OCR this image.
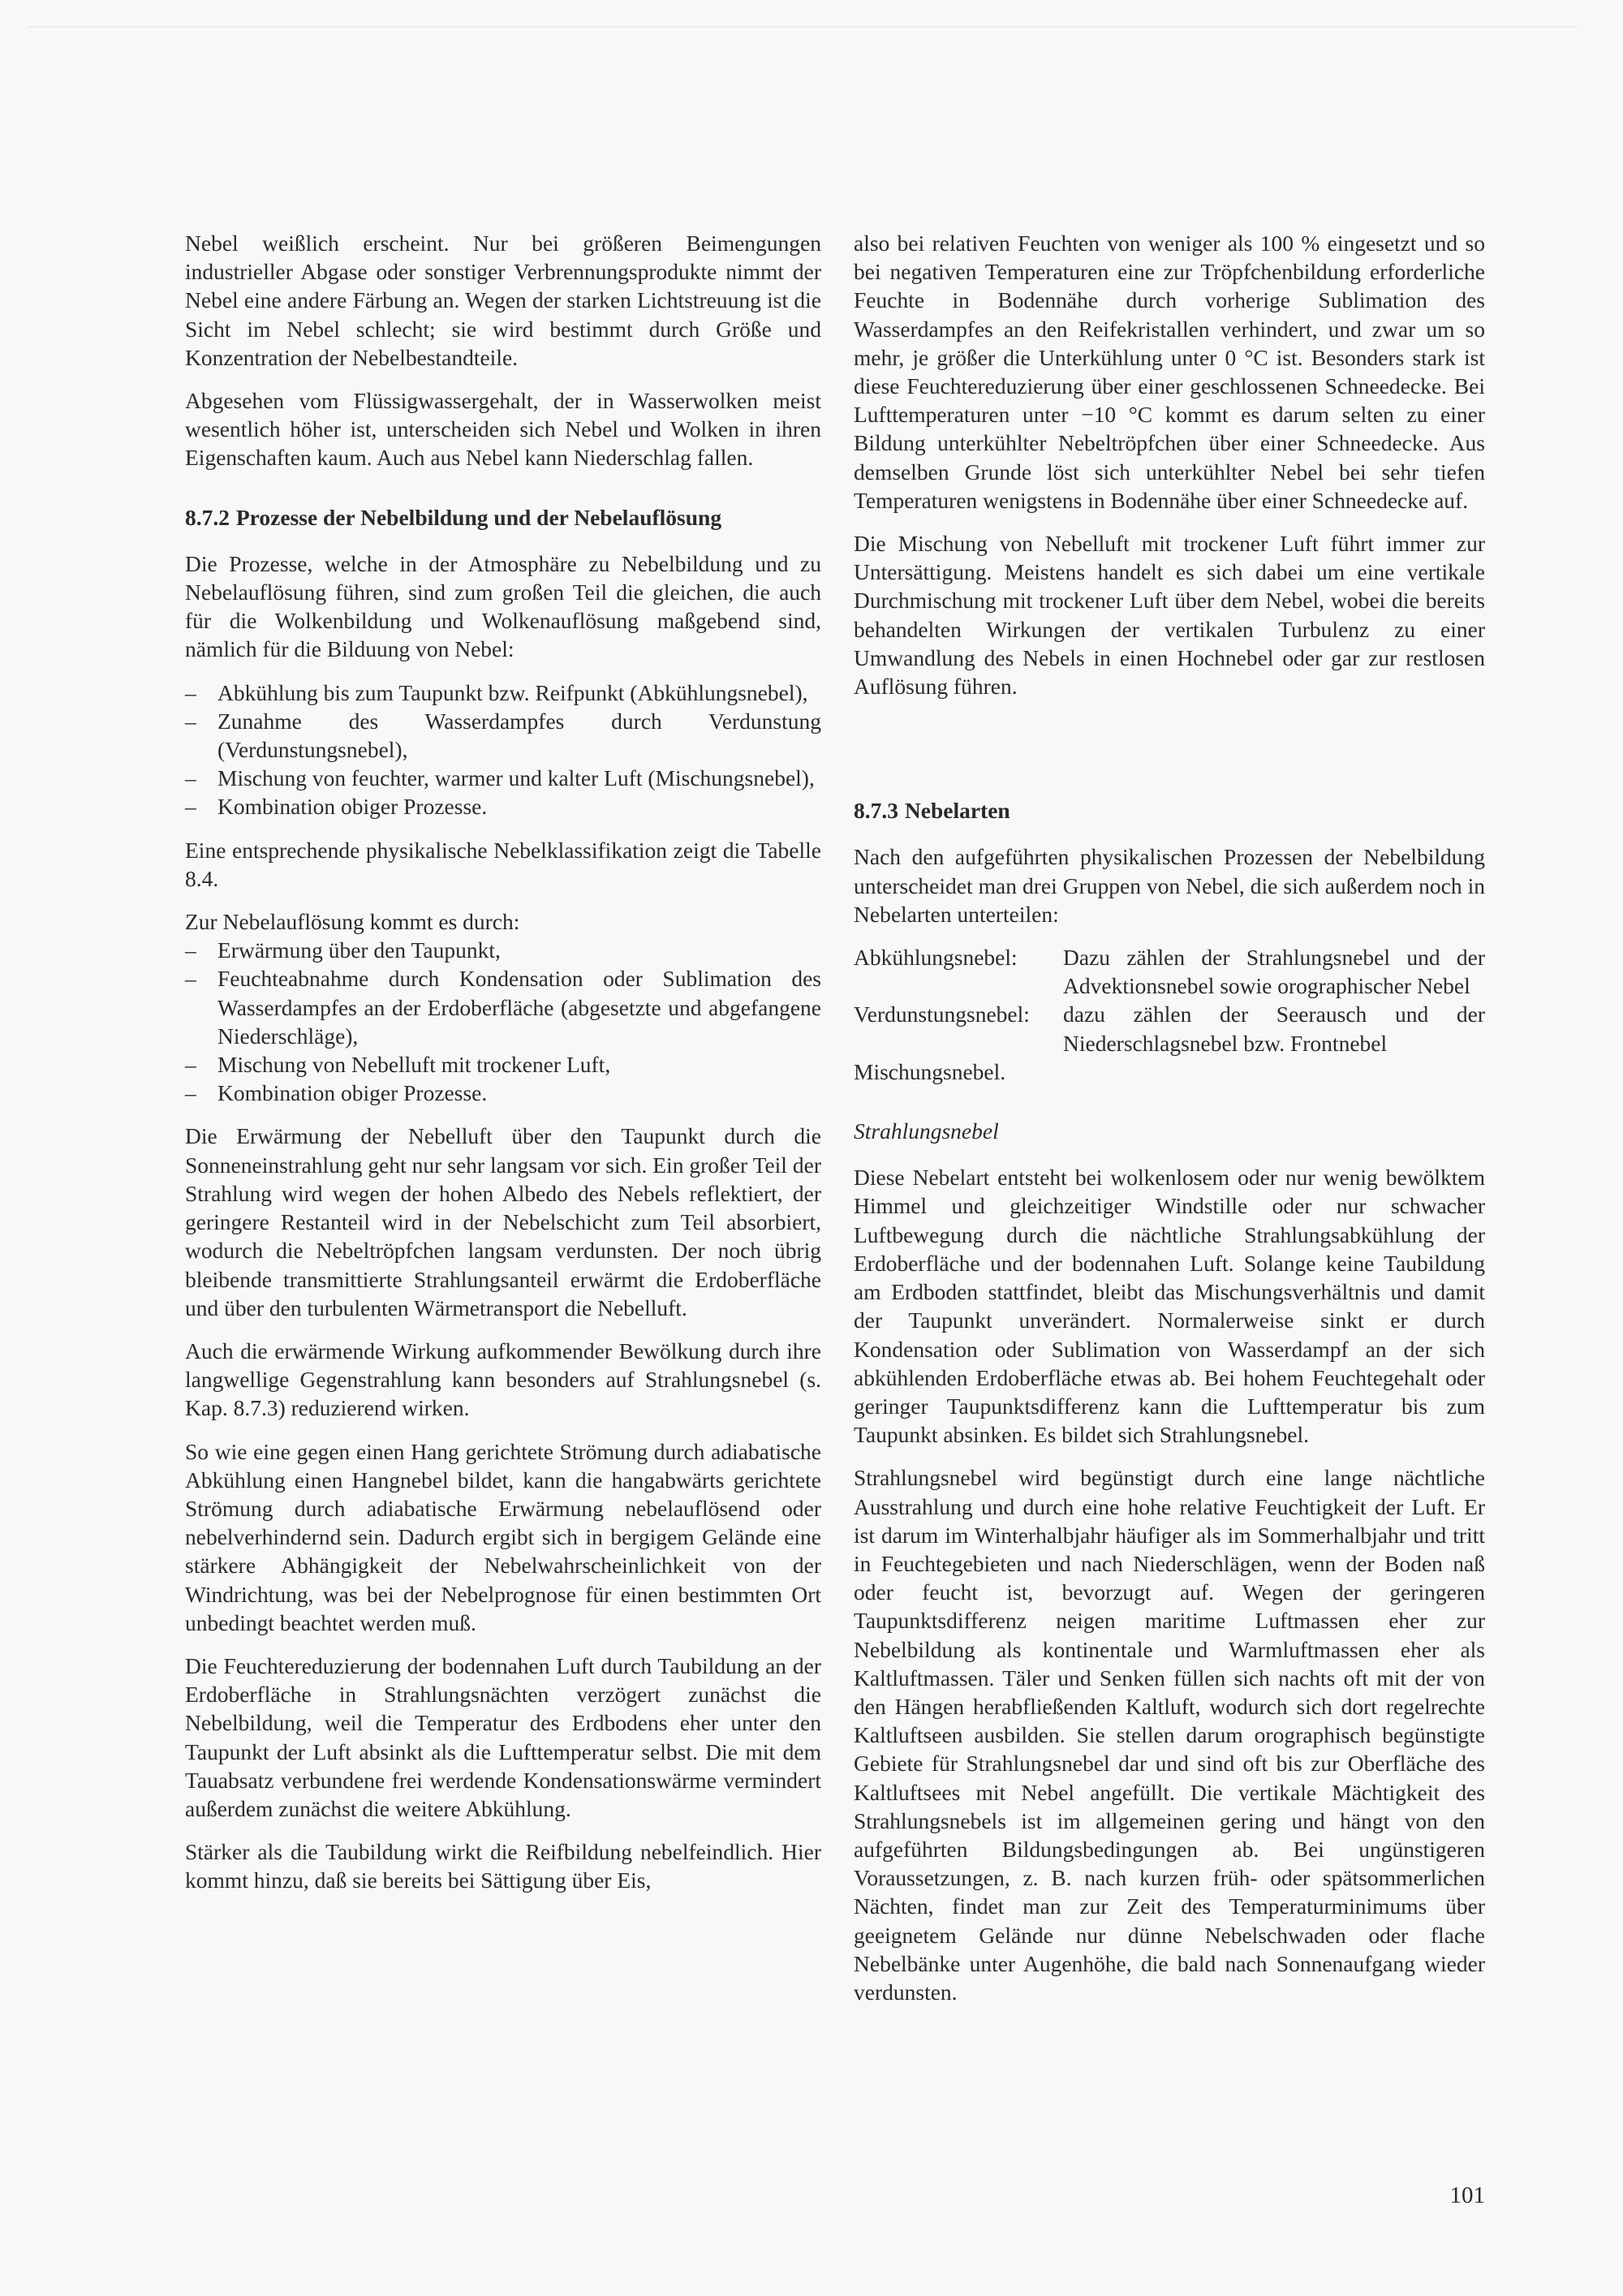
Nebel weißlich erscheint. Nur bei größeren Beimengungen industrieller Abgase oder sonstiger Verbrennungsprodukte nimmt der Nebel eine andere Färbung an. Wegen der starken Lichtstreuung ist die Sicht im Nebel schlecht; sie wird bestimmt durch Größe und Konzentration der Nebelbestandteile.

Abgesehen vom Flüssigwassergehalt, der in Wasserwolken meist wesentlich höher ist, unterscheiden sich Nebel und Wolken in ihren Eigenschaften kaum. Auch aus Nebel kann Niederschlag fallen.

8.7.2 Prozesse der Nebelbildung und der Nebelauflösung

Die Prozesse, welche in der Atmosphäre zu Nebelbildung und zu Nebelauflösung führen, sind zum großen Teil die gleichen, die auch für die Wolkenbildung und Wolkenauflösung maßgebend sind, nämlich für die Bilduung von Nebel:

– Abkühlung bis zum Taupunkt bzw. Reifpunkt (Abkühlungsnebel),
– Zunahme des Wasserdampfes durch Verdunstung (Verdunstungsnebel),
– Mischung von feuchter, warmer und kalter Luft (Mischungsnebel),
– Kombination obiger Prozesse.

Eine entsprechende physikalische Nebelklassifikation zeigt die Tabelle 8.4.

Zur Nebelauflösung kommt es durch:

– Erwärmung über den Taupunkt,
– Feuchteabnahme durch Kondensation oder Sublimation des Wasserdampfes an der Erdoberfläche (abgesetzte und abgefangene Niederschläge),
– Mischung von Nebelluft mit trockener Luft,
– Kombination obiger Prozesse.

Die Erwärmung der Nebelluft über den Taupunkt durch die Sonneneinstrahlung geht nur sehr langsam vor sich. Ein großer Teil der Strahlung wird wegen der hohen Albedo des Nebels reflektiert, der geringere Restanteil wird in der Nebelschicht zum Teil absorbiert, wodurch die Nebeltröpfchen langsam verdunsten. Der noch übrig bleibende transmittierte Strahlungsanteil erwärmt die Erdoberfläche und über den turbulenten Wärmetransport die Nebelluft.

Auch die erwärmende Wirkung aufkommender Bewölkung durch ihre langwellige Gegenstrahlung kann besonders auf Strahlungsnebel (s. Kap. 8.7.3) reduzierend wirken.

So wie eine gegen einen Hang gerichtete Strömung durch adiabatische Abkühlung einen Hangnebel bildet, kann die hangabwärts gerichtete Strömung durch adiabatische Erwärmung nebelauflösend oder nebelverhindernd sein. Dadurch ergibt sich in bergigem Gelände eine stärkere Abhängigkeit der Nebelwahrscheinlichkeit von der Windrichtung, was bei der Nebelprognose für einen bestimmten Ort unbedingt beachtet werden muß.

Die Feuchtereduzierung der bodennahen Luft durch Taubildung an der Erdoberfläche in Strahlungsnächten verzögert zunächst die Nebelbildung, weil die Temperatur des Erdbodens eher unter den Taupunkt der Luft absinkt als die Lufttemperatur selbst. Die mit dem Tauabsatz verbundene frei werdende Kondensationswärme vermindert außerdem zunächst die weitere Abkühlung.

Stärker als die Taubildung wirkt die Reifbildung nebelfeindlich. Hier kommt hinzu, daß sie bereits bei Sättigung über Eis,

also bei relativen Feuchten von weniger als 100 % eingesetzt und so bei negativen Temperaturen eine zur Tröpfchenbildung erforderliche Feuchte in Bodennähe durch vorherige Sublimation des Wasserdampfes an den Reifekristallen verhindert, und zwar um so mehr, je größer die Unterkühlung unter 0 °C ist. Besonders stark ist diese Feuchtereduzierung über einer geschlossenen Schneedecke. Bei Lufttemperaturen unter −10 °C kommt es darum selten zu einer Bildung unterkühlter Nebeltröpfchen über einer Schneedecke. Aus demselben Grunde löst sich unterkühlter Nebel bei sehr tiefen Temperaturen wenigstens in Bodennähe über einer Schneedecke auf.

Die Mischung von Nebelluft mit trockener Luft führt immer zur Untersättigung. Meistens handelt es sich dabei um eine vertikale Durchmischung mit trockener Luft über dem Nebel, wobei die bereits behandelten Wirkungen der vertikalen Turbulenz zu einer Umwandlung des Nebels in einen Hochnebel oder gar zur restlosen Auflösung führen.

8.7.3 Nebelarten

Nach den aufgeführten physikalischen Prozessen der Nebelbildung unterscheidet man drei Gruppen von Nebel, die sich außerdem noch in Nebelarten unterteilen:

Abkühlungsnebel:	Dazu zählen der Strahlungsnebel und der Advektionsnebel sowie orographischer Nebel
Verdunstungsnebel:	dazu zählen der Seerausch und der Niederschlagsnebel bzw. Frontnebel
Mischungsnebel.
Strahlungsnebel

Diese Nebelart entsteht bei wolkenlosem oder nur wenig bewölktem Himmel und gleichzeitiger Windstille oder nur schwacher Luftbewegung durch die nächtliche Strahlungsabkühlung der Erdoberfläche und der bodennahen Luft. Solange keine Taubildung am Erdboden stattfindet, bleibt das Mischungsverhältnis und damit der Taupunkt unverändert. Normalerweise sinkt er durch Kondensation oder Sublimation von Wasserdampf an der sich abkühlenden Erdoberfläche etwas ab. Bei hohem Feuchtegehalt oder geringer Taupunktsdifferenz kann die Lufttemperatur bis zum Taupunkt absinken. Es bildet sich Strahlungsnebel.

Strahlungsnebel wird begünstigt durch eine lange nächtliche Ausstrahlung und durch eine hohe relative Feuchtigkeit der Luft. Er ist darum im Winterhalbjahr häufiger als im Sommerhalbjahr und tritt in Feuchtegebieten und nach Niederschlägen, wenn der Boden naß oder feucht ist, bevorzugt auf. Wegen der geringeren Taupunktsdifferenz neigen maritime Luftmassen eher zur Nebelbildung als kontinentale und Warmluftmassen eher als Kaltluftmassen. Täler und Senken füllen sich nachts oft mit der von den Hängen herabfließenden Kaltluft, wodurch sich dort regelrechte Kaltluftseen ausbilden. Sie stellen darum orographisch begünstigte Gebiete für Strahlungsnebel dar und sind oft bis zur Oberfläche des Kaltluftsees mit Nebel angefüllt. Die vertikale Mächtigkeit des Strahlungsnebels ist im allgemeinen gering und hängt von den aufgeführten Bildungsbedingungen ab. Bei ungünstigeren Voraussetzungen, z. B. nach kurzen früh- oder spätsommerlichen Nächten, findet man zur Zeit des Temperaturminimums über geeignetem Gelände nur dünne Nebelschwaden oder flache Nebelbänke unter Augenhöhe, die bald nach Sonnenaufgang wieder verdunsten.

101
